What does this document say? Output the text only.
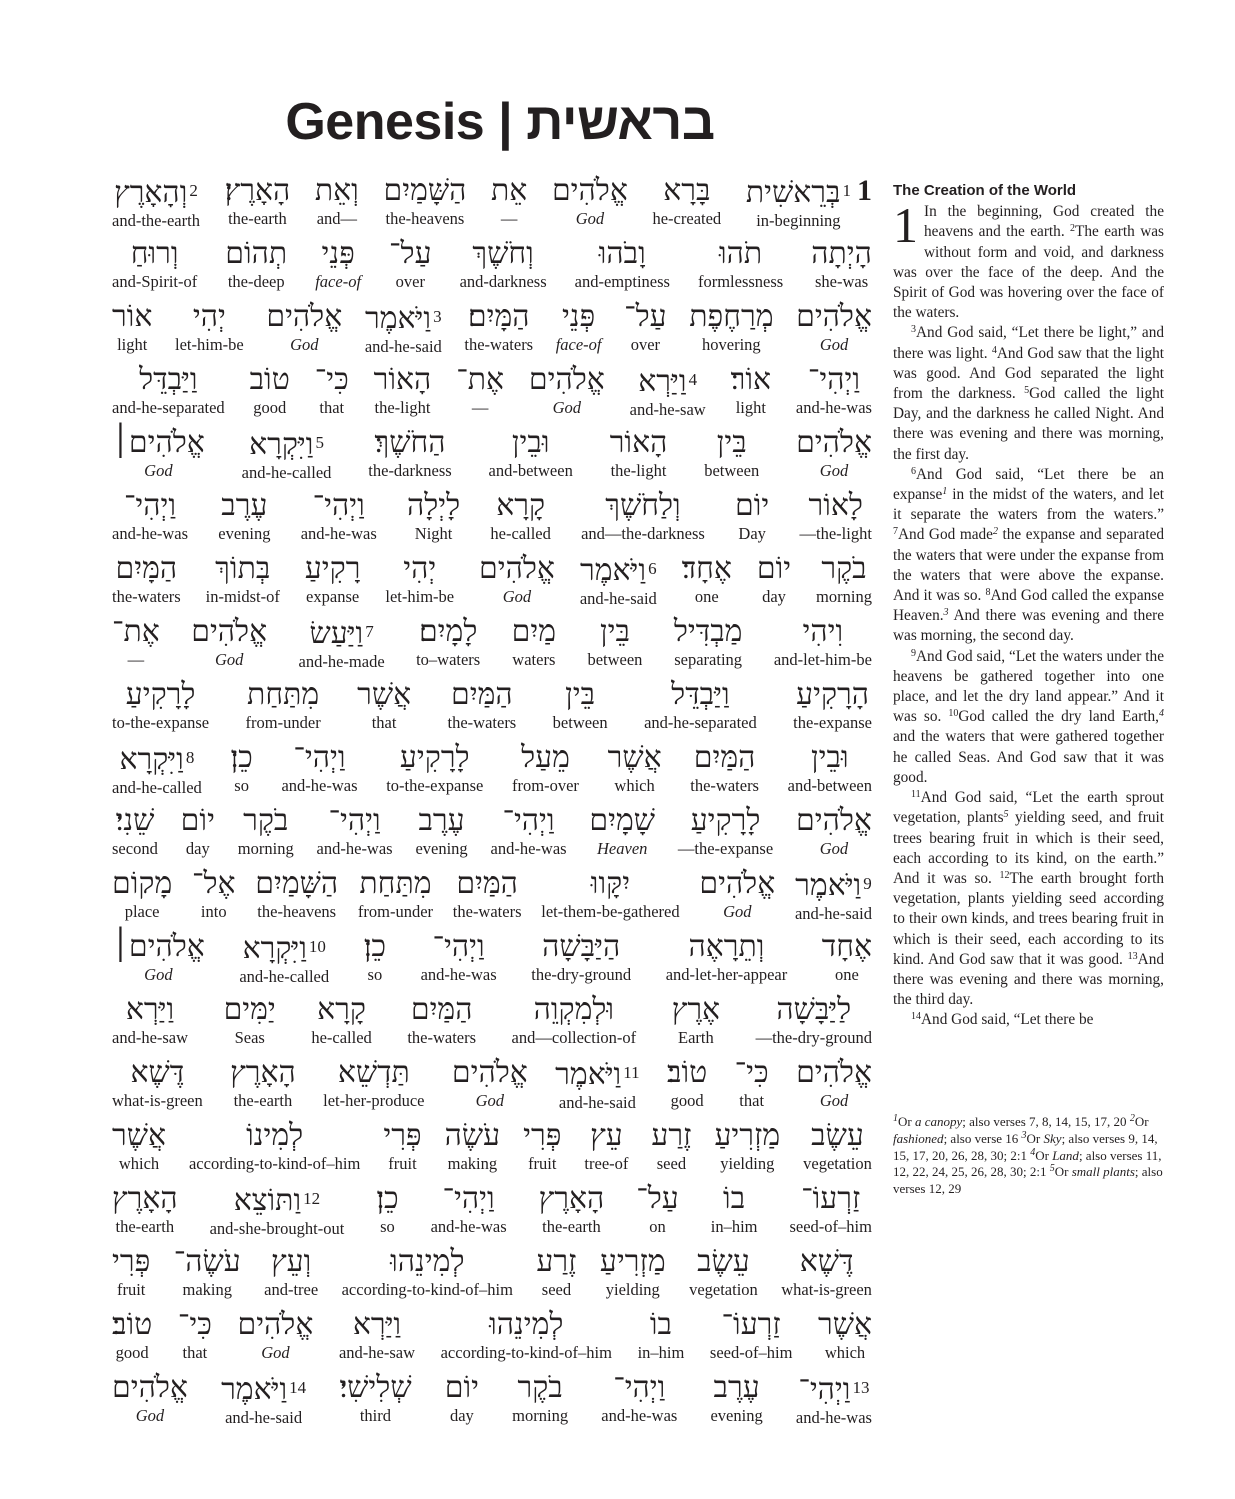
Genesis | בראשית
1
$^1$בְּרֵאשִׁית
in-beginning
בָּרָא
he-created
אֱלֹהִים
God
אֵת
—
הַשָּׁמַיִם
the-heavens
וְאֵת
and—
הָאָרֶץ׃
the-earth
$^2$וְהָאָרֶץ
and-the-earth
הָיְתָה
she-was
תֹהוּ
formlessness
וָבֹהוּ
and-emptiness
וְחֹשֶׁךְ
and-darkness
עַל־
over
פְּנֵי
face-of
תְהוֹם
the-deep
וְרוּחַ
and-Spirit-of
אֱלֹהִים
God
מְרַחֶפֶת
hovering
עַל־
over
פְּנֵי
face-of
הַמָּיִם׃
the-waters
$^3$וַיֹּאמֶר
and-he-said
אֱלֹהִים
God
יְהִי
let-him-be
אוֹר
light
וַיְהִי־
and-he-was
אוֹר׃
light
$^4$וַיַּרְא
and-he-saw
אֱלֹהִים
God
אֶת־
—
הָאוֹר
the-light
כִּי־
that
טוֹב
good
וַיַּבְדֵּל
and-he-separated
אֱלֹהִים
God
בֵּין
between
הָאוֹר
the-light
וּבֵין
and-between
הַחֹשֶׁךְ׃
the-darkness
$^5$וַיִּקְרָא
and-he-called
אֱלֹהִים׀
God
לָאוֹר
—the-light
יוֹם
Day
וְלַחֹשֶׁךְ
and—the-darkness
קָרָא
he-called
לָיְלָה
Night
וַיְהִי־
and-he-was
עֶרֶב
evening
וַיְהִי־
and-he-was
בֹקֶר
morning
יוֹם
day
אֶחָד׃
one
$^6$וַיֹּאמֶר
and-he-said
אֱלֹהִים
God
יְהִי
let-him-be
רָקִיעַ
expanse
בְּתוֹךְ
in-midst-of
הַמָּיִם
the-waters
וִיהִי
and-let-him-be
מַבְדִּיל
separating
בֵּין
between
מַיִם
waters
לָמָיִם׃
to–waters
$^7$וַיַּעַשׂ
and-he-made
אֱלֹהִים
God
אֶת־
—
הָרָקִיעַ
the-expanse
וַיַּבְדֵּל
and-he-separated
בֵּין
between
הַמַּיִם
the-waters
אֲשֶׁר
that
מִתַּחַת
from-under
לָרָקִיעַ
to-the-expanse
וּבֵין
and-between
הַמַּיִם
the-waters
אֲשֶׁר
which
מֵעַל
from-over
לָרָקִיעַ
to-the-expanse
וַיְהִי־
and-he-was
כֵן׃
so
$^8$וַיִּקְרָא
and-he-called
אֱלֹהִים
God
לָרָקִיעַ
—the-expanse
שָׁמָיִם
Heaven
וַיְהִי־
and-he-was
עֶרֶב
evening
וַיְהִי־
and-he-was
בֹקֶר
morning
יוֹם
day
שֵׁנִי׃
second
$^9$וַיֹּאמֶר
and-he-said
אֱלֹהִים
God
יִקָּווּ
let-them-be-gathered
הַמַּיִם
the-waters
מִתַּחַת
from-under
הַשָּׁמַיִם
the-heavens
אֶל־
into
מָקוֹם
place
אֶחָד
one
וְתֵרָאֶה
and-let-her-appear
הַיַּבָּשָׁה
the-dry-ground
וַיְהִי־
and-he-was
כֵן׃
so
$^{10}$וַיִּקְרָא
and-he-called
אֱלֹהִים׀
God
לַיַּבָּשָׁה
—the-dry-ground
אֶרֶץ
Earth
וּלְמִקְוֵה
and—collection-of
הַמַּיִם
the-waters
קָרָא
he-called
יַמִּים
Seas
וַיַּרְא
and-he-saw
אֱלֹהִים
God
כִּי־
that
טוֹב׃
good
$^{11}$וַיֹּאמֶר
and-he-said
אֱלֹהִים
God
תַּדְשֵׁא
let-her-produce
הָאָרֶץ
the-earth
דֶּשֶׁא
what-is-green
עֵשֶׂב
vegetation
מַזְרִיעַ
yielding
זֶרַע
seed
עֵץ
tree-of
פְּרִי
fruit
עֹשֶׂה
making
פְּרִי
fruit
לְמִינוֹ
according-to-kind-of–him
אֲשֶׁר
which
זַרְעוֹ־
seed-of–him
בוֹ
in–him
עַל־
on
הָאָרֶץ
the-earth
וַיְהִי־
and-he-was
כֵן׃
so
$^{12}$וַתּוֹצֵא
and-she-brought-out
הָאָרֶץ
the-earth
דֶּשֶׁא
what-is-green
עֵשֶׂב
vegetation
מַזְרִיעַ
yielding
זֶרַע
seed
לְמִינֵהוּ
according-to-kind-of–him
וְעֵץ
and-tree
עֹשֶׂה־
making
פְּרִי
fruit
אֲשֶׁר
which
זַרְעוֹ־
seed-of–him
בוֹ
in–him
לְמִינֵהוּ
according-to-kind-of–him
וַיַּרְא
and-he-saw
אֱלֹהִים
God
כִּי־
that
טוֹב׃
good
$^{13}$וַיְהִי־
and-he-was
עֶרֶב
evening
וַיְהִי־
and-he-was
בֹקֶר
morning
יוֹם
day
שְׁלִישִׁי׃
third
$^{14}$וַיֹּאמֶר
and-he-said
אֱלֹהִים
God
The Creation of the World

1 In the beginning, God created the heavens and the earth. $^2$The earth was without form and void, and darkness was over the face of the deep. And the Spirit of God was hovering over the face of the waters.

$^3$And God said, “Let there be light,” and there was light. $^4$And God saw that the light was good. And God separated the light from the darkness. $^5$God called the light Day, and the darkness he called Night. And there was evening and there was morning, the first day.

$^6$And God said, “Let there be an expanse$^1$ in the midst of the waters, and let it separate the waters from the waters.” $^7$And God made$^2$ the expanse and separated the waters that were under the expanse from the waters that were above the expanse. And it was so. $^8$And God called the expanse Heaven.$^3$ And there was evening and there was morning, the second day.

$^9$And God said, “Let the waters under the heavens be gathered together into one place, and let the dry land appear.” And it was so. $^{10}$God called the dry land Earth,$^4$ and the waters that were gathered together he called Seas. And God saw that it was good.

$^{11}$And God said, “Let the earth sprout vegetation, plants$^5$ yielding seed, and fruit trees bearing fruit in which is their seed, each according to its kind, on the earth.” And it was so. $^{12}$The earth brought forth vegetation, plants yielding seed according to their own kinds, and trees bearing fruit in which is their seed, each according to its kind. And God saw that it was good. $^{13}$And there was evening and there was morning, the third day.

$^{14}$And God said, “Let there be

$^1$Or a canopy; also verses 7, 8, 14, 15, 17, 20 $^2$Or fashioned; also verse 16 $^3$Or Sky; also verses 9, 14, 15, 17, 20, 26, 28, 30; 2:1 $^4$Or Land; also verses 11, 12, 22, 24, 25, 26, 28, 30; 2:1 $^5$Or small plants; also verses 12, 29
